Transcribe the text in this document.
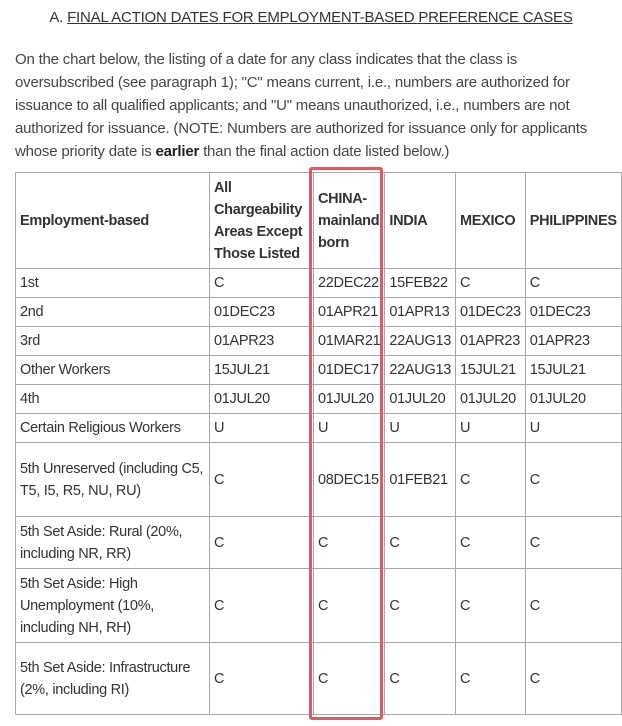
A. FINAL ACTION DATES FOR EMPLOYMENT-BASED PREFERENCE CASES
On the chart below, the listing of a date for any class indicates that the class is oversubscribed (see paragraph 1); "C" means current, i.e., numbers are authorized for issuance to all qualified applicants; and "U" means unauthorized, i.e., numbers are not authorized for issuance. (NOTE: Numbers are authorized for issuance only for applicants whose priority date is earlier than the final action date listed below.)
Employment-based	All Chargeability Areas Except Those Listed	CHINA-mainland born	INDIA	MEXICO	PHILIPPINES
1st	C	22DEC22	15FEB22	C	C
2nd	01DEC23	01APR21	01APR13	01DEC23	01DEC23
3rd	01APR23	01MAR21	22AUG13	01APR23	01APR23
Other Workers	15JUL21	01DEC17	22AUG13	15JUL21	15JUL21
4th	01JUL20	01JUL20	01JUL20	01JUL20	01JUL20
Certain Religious Workers	U	U	U	U	U
5th Unreserved (including C5, T5, I5, R5, NU, RU)	C	08DEC15	01FEB21	C	C
5th Set Aside: Rural (20%, including NR, RR)	C	C	C	C	C
5th Set Aside: High Unemployment (10%, including NH, RH)	C	C	C	C	C
5th Set Aside: Infrastructure (2%, including RI)	C	C	C	C	C
